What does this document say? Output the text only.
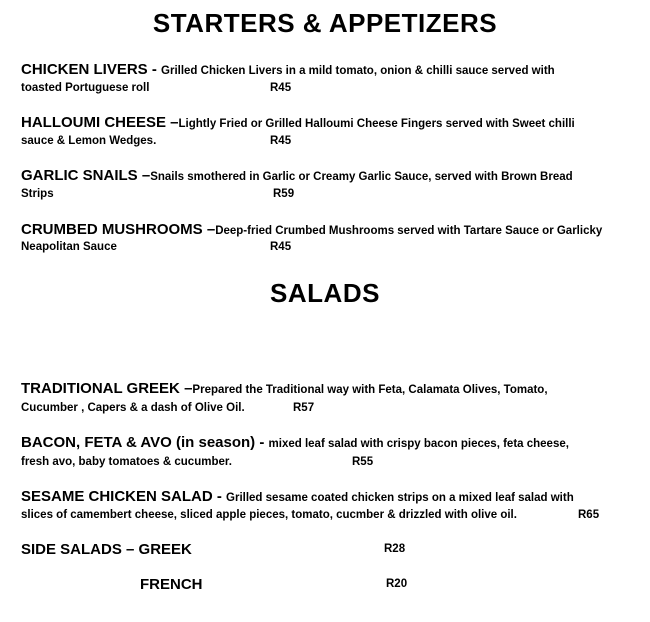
STARTERS & APPETIZERS
CHICKEN LIVERS - Grilled Chicken Livers in a mild tomato, onion & chilli sauce served with
toasted Portuguese roll	R45
HALLOUMI CHEESE –Lightly Fried or Grilled Halloumi Cheese Fingers served with Sweet chilli
sauce & Lemon Wedges.	R45
GARLIC SNAILS –Snails smothered in Garlic or Creamy Garlic Sauce, served with Brown Bread
Strips	R59
CRUMBED MUSHROOMS –Deep-fried Crumbed Mushrooms served with Tartare Sauce or Garlicky
Neapolitan Sauce	R45
SALADS
TRADITIONAL GREEK –Prepared the Traditional way with Feta, Calamata Olives, Tomato,
Cucumber , Capers & a dash of Olive Oil.	R57
BACON, FETA & AVO (in season) - mixed leaf salad with crispy bacon pieces, feta cheese,
fresh avo, baby tomatoes & cucumber.	R55
SESAME CHICKEN SALAD - Grilled sesame coated chicken strips on a mixed leaf salad with
slices of camembert cheese, sliced apple pieces, tomato, cucmber & drizzled with olive oil.	R65
SIDE SALADS – GREEK	R28
FRENCH	R20
